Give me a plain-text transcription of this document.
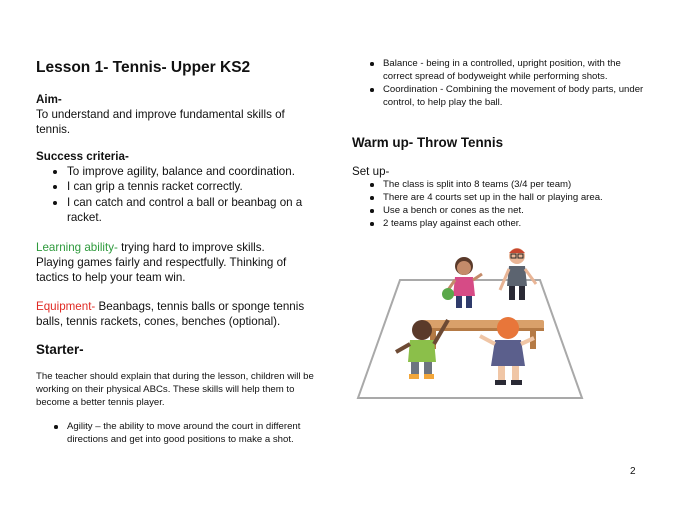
Lesson 1- Tennis- Upper KS2
Aim-
To understand and improve fundamental skills of tennis.
Success criteria-
To improve agility, balance and coordination.
I can grip a tennis racket correctly.
I can catch and control a ball or beanbag on a racket.
Learning ability- trying hard to improve skills. Playing games fairly and respectfully. Thinking of tactics to help your team win.
Equipment- Beanbags, tennis balls or sponge tennis balls, tennis rackets, cones, benches (optional).
Starter-
The teacher should explain that during the lesson, children will be working on their physical ABCs. These skills will help them to become a better tennis player.
Agility – the ability to move around the court in different directions and get into good positions to make a shot.
Balance - being in a controlled, upright position, with the correct spread of bodyweight while performing shots.
Coordination - Combining the movement of body parts, under control, to help play the ball.
Warm up- Throw Tennis
Set up-
The class is split into 8 teams (3/4 per team)
There are 4 courts set up in the hall or playing area.
Use a bench or cones as the net.
2 teams play against each other.
2
